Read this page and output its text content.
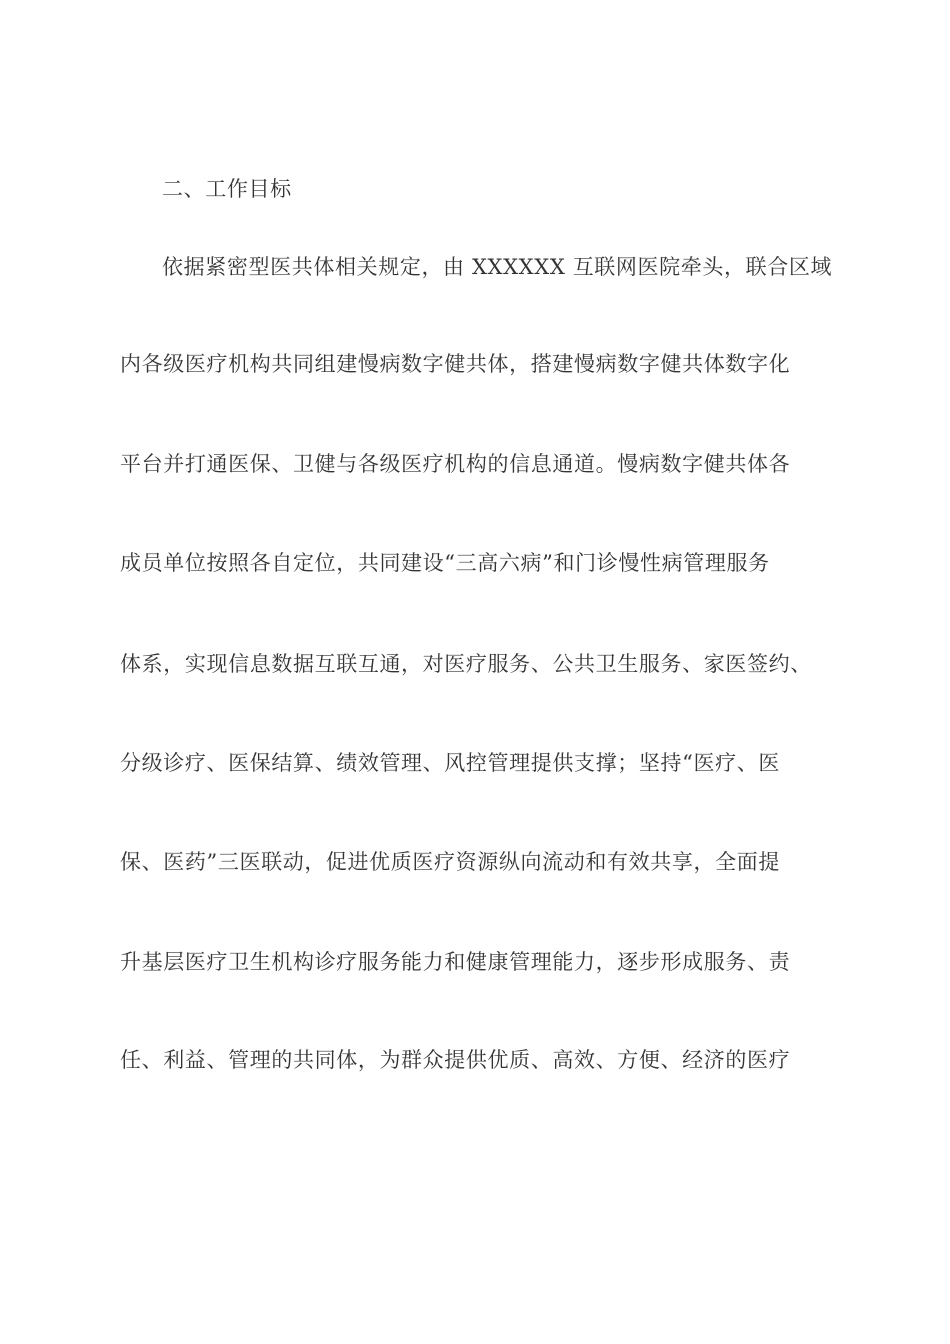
二、工作目标
依据紧密型医共体相关规定，由 XXXXXX 互联网医院牵头，联合区域
内各级医疗机构共同组建慢病数字健共体，搭建慢病数字健共体数字化
平台并打通医保、卫健与各级医疗机构的信息通道。慢病数字健共体各
成员单位按照各自定位，共同建设“三高六病”和门诊慢性病管理服务
体系，实现信息数据互联互通，对医疗服务、公共卫生服务、家医签约、
分级诊疗、医保结算、绩效管理、风控管理提供支撑；坚持“医疗、医
保、医药”三医联动，促进优质医疗资源纵向流动和有效共享，全面提
升基层医疗卫生机构诊疗服务能力和健康管理能力，逐步形成服务、责
任、利益、管理的共同体，为群众提供优质、高效、方便、经济的医疗
